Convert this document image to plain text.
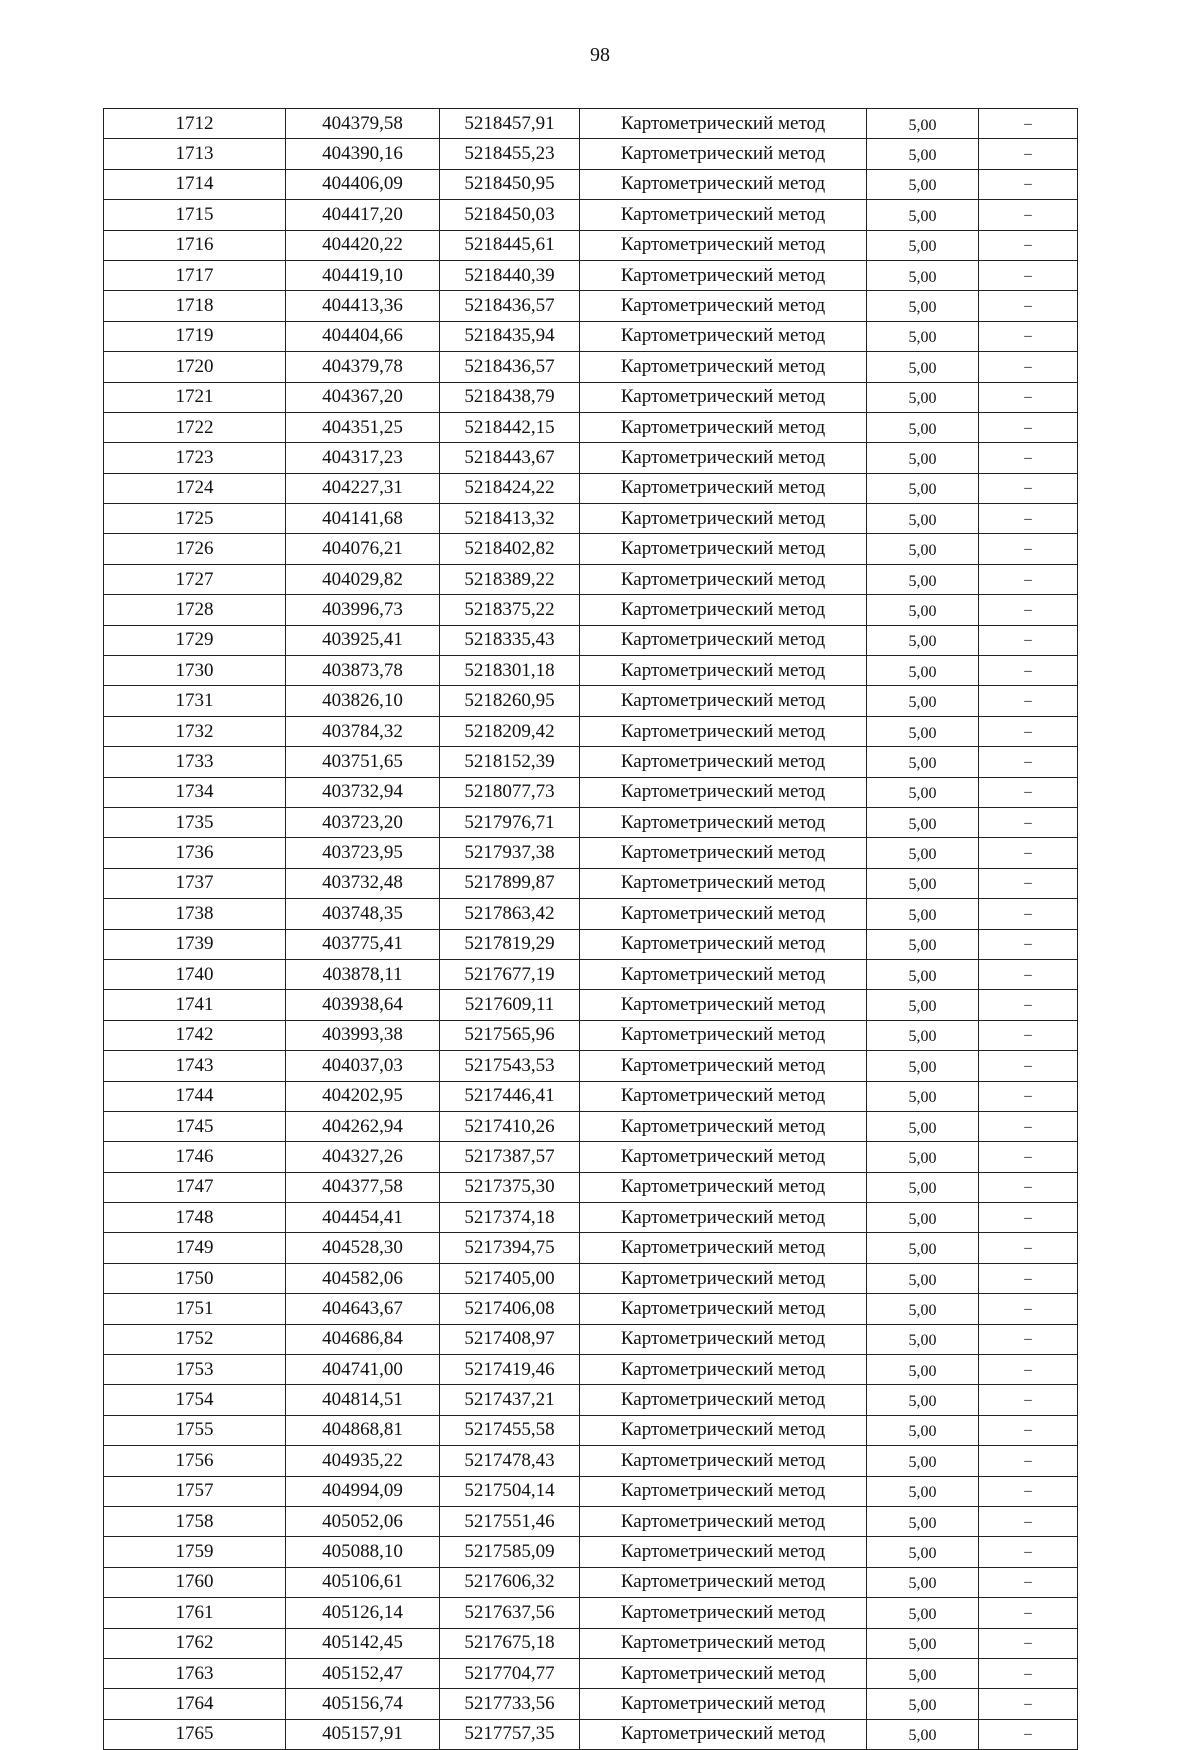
98
1712	404379,58	5218457,91	Картометрический метод	5,00	–
1713	404390,16	5218455,23	Картометрический метод	5,00	–
1714	404406,09	5218450,95	Картометрический метод	5,00	–
1715	404417,20	5218450,03	Картометрический метод	5,00	–
1716	404420,22	5218445,61	Картометрический метод	5,00	–
1717	404419,10	5218440,39	Картометрический метод	5,00	–
1718	404413,36	5218436,57	Картометрический метод	5,00	–
1719	404404,66	5218435,94	Картометрический метод	5,00	–
1720	404379,78	5218436,57	Картометрический метод	5,00	–
1721	404367,20	5218438,79	Картометрический метод	5,00	–
1722	404351,25	5218442,15	Картометрический метод	5,00	–
1723	404317,23	5218443,67	Картометрический метод	5,00	–
1724	404227,31	5218424,22	Картометрический метод	5,00	–
1725	404141,68	5218413,32	Картометрический метод	5,00	–
1726	404076,21	5218402,82	Картометрический метод	5,00	–
1727	404029,82	5218389,22	Картометрический метод	5,00	–
1728	403996,73	5218375,22	Картометрический метод	5,00	–
1729	403925,41	5218335,43	Картометрический метод	5,00	–
1730	403873,78	5218301,18	Картометрический метод	5,00	–
1731	403826,10	5218260,95	Картометрический метод	5,00	–
1732	403784,32	5218209,42	Картометрический метод	5,00	–
1733	403751,65	5218152,39	Картометрический метод	5,00	–
1734	403732,94	5218077,73	Картометрический метод	5,00	–
1735	403723,20	5217976,71	Картометрический метод	5,00	–
1736	403723,95	5217937,38	Картометрический метод	5,00	–
1737	403732,48	5217899,87	Картометрический метод	5,00	–
1738	403748,35	5217863,42	Картометрический метод	5,00	–
1739	403775,41	5217819,29	Картометрический метод	5,00	–
1740	403878,11	5217677,19	Картометрический метод	5,00	–
1741	403938,64	5217609,11	Картометрический метод	5,00	–
1742	403993,38	5217565,96	Картометрический метод	5,00	–
1743	404037,03	5217543,53	Картометрический метод	5,00	–
1744	404202,95	5217446,41	Картометрический метод	5,00	–
1745	404262,94	5217410,26	Картометрический метод	5,00	–
1746	404327,26	5217387,57	Картометрический метод	5,00	–
1747	404377,58	5217375,30	Картометрический метод	5,00	–
1748	404454,41	5217374,18	Картометрический метод	5,00	–
1749	404528,30	5217394,75	Картометрический метод	5,00	–
1750	404582,06	5217405,00	Картометрический метод	5,00	–
1751	404643,67	5217406,08	Картометрический метод	5,00	–
1752	404686,84	5217408,97	Картометрический метод	5,00	–
1753	404741,00	5217419,46	Картометрический метод	5,00	–
1754	404814,51	5217437,21	Картометрический метод	5,00	–
1755	404868,81	5217455,58	Картометрический метод	5,00	–
1756	404935,22	5217478,43	Картометрический метод	5,00	–
1757	404994,09	5217504,14	Картометрический метод	5,00	–
1758	405052,06	5217551,46	Картометрический метод	5,00	–
1759	405088,10	5217585,09	Картометрический метод	5,00	–
1760	405106,61	5217606,32	Картометрический метод	5,00	–
1761	405126,14	5217637,56	Картометрический метод	5,00	–
1762	405142,45	5217675,18	Картометрический метод	5,00	–
1763	405152,47	5217704,77	Картометрический метод	5,00	–
1764	405156,74	5217733,56	Картометрический метод	5,00	–
1765	405157,91	5217757,35	Картометрический метод	5,00	–
